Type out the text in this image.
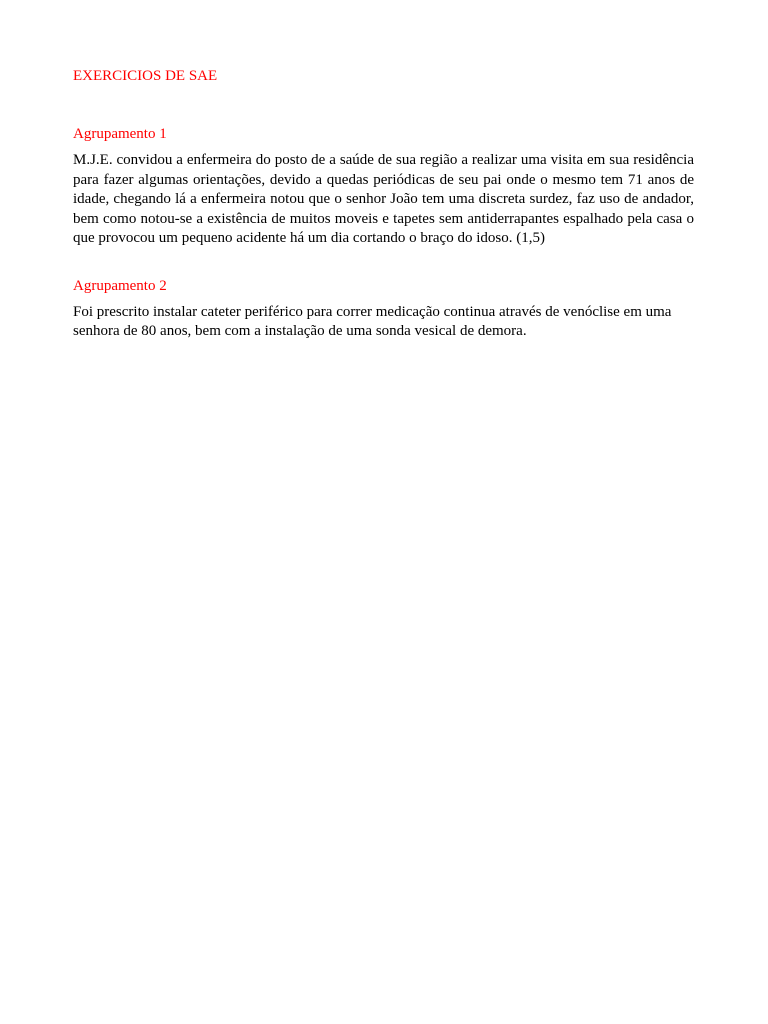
EXERCICIOS DE SAE
Agrupamento 1

M.J.E. convidou a enfermeira do posto de a saúde de sua região a realizar uma visita em sua residência para fazer algumas orientações, devido a quedas periódicas de seu pai onde o mesmo tem 71 anos de idade, chegando lá a enfermeira notou que o senhor João tem uma discreta surdez, faz uso de andador, bem como notou-se a existência de muitos moveis e tapetes sem antiderrapantes espalhado pela casa o que provocou um pequeno acidente há um dia cortando o braço do idoso. (1,5)

Agrupamento 2

Foi prescrito instalar cateter periférico para correr medicação continua através de venóclise em uma senhora de 80 anos, bem com a instalação de uma sonda vesical de demora.
